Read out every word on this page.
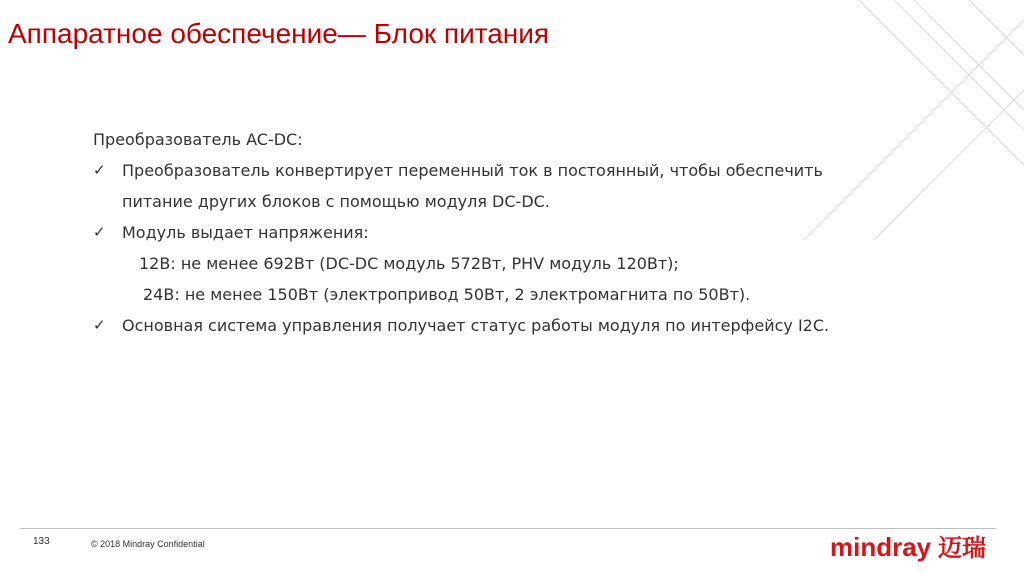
Аппаратное обеспечение— Блок питания
Преобразователь AC-DC:
✓	Преобразователь конвертирует переменный ток в постоянный, чтобы обеспечить
питание других блоков с помощью модуля DC-DC.
✓	Модуль выдает напряжения:
12В: не менее 692Вт (DC-DC модуль 572Вт, PHV модуль 120Вт);
24В: не менее 150Вт (электропривод 50Вт, 2 электромагнита по 50Вт).
✓	Основная система управления получает статус работы модуля по интерфейсу I2C.
133	© 2018 Mindray Confidential	mindray 迈瑞
